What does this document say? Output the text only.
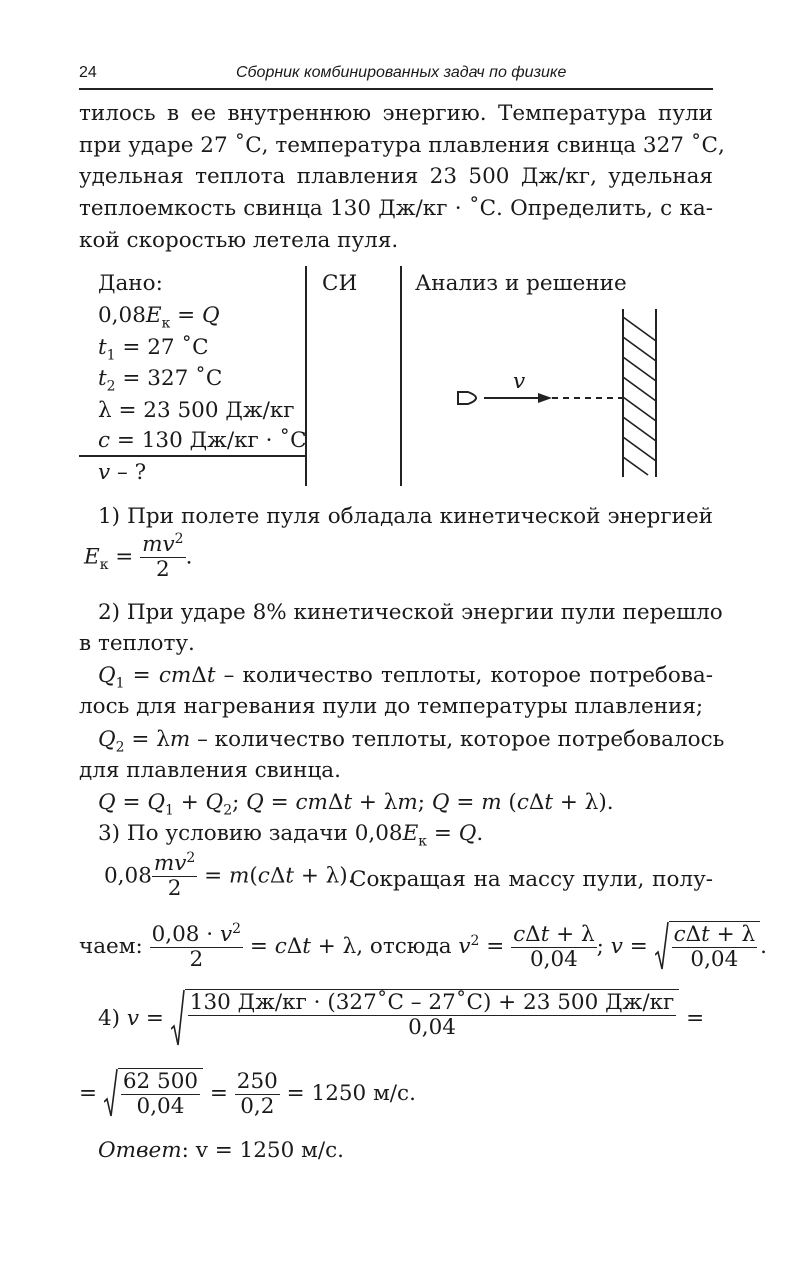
24	Сборник комбинированных задач по физике
тилось в ее внутреннюю энергию. Температура пули
при ударе 27 ˚С, температура плавления свинца 327 ˚С,
удельная теплота плавления 23 500 Дж/кг, удельная
теплоемкость свинца 130 Дж/кг · ˚С. Определить, с ка-
кой скоростью летела пуля.
Дано:
$0,08E_к = Q$
$t_1 = 27$ ˚С
$t_2 = 327$ ˚С
λ = 23 500 Дж/кг
c = 130 Дж/кг · ˚С
v – ?
СИ	Анализ и решение
v
1) При полете пуля обладала кинетической энергией
$E_к = \frac{mv^2}{2}$ .
2) При ударе 8% кинетической энергии пули перешло
в теплоту.
$Q_1 = cm\Delta t$ – количество теплоты, которое потребова-
лось для нагревания пули до температуры плавления;
$Q_2 = \lambda m$ – количество теплоты, которое потребовалось
для плавления свинца.
$Q = Q_1 + Q_2$; Q = cmΔt + λm; Q = m (cΔt + λ).
3) По условию задачи $0,08E_к = Q$.
$0,08 \frac{mv^2}{2} = m(c\Delta t + \lambda)$.
Сокращая на массу пули, полу-
чаем: $\frac{0,08 \cdot v^2}{2} = c\Delta t + \lambda$, отсюда $v^2 = \frac{\text{cΔt + λ}}{0,04}$ ; $v = \frac{\text{cΔt + λ}}{0,04}$ .
4) $v = \frac{130 Дж/кг \cdot (327˚С - 27˚С) + 23 500 Дж/кг}{0,04}$ =
= $\frac{62 500}{0,04} = \frac{250}{0,2} = 1250$ м/с.
Ответ: v = 1250 м/с.
